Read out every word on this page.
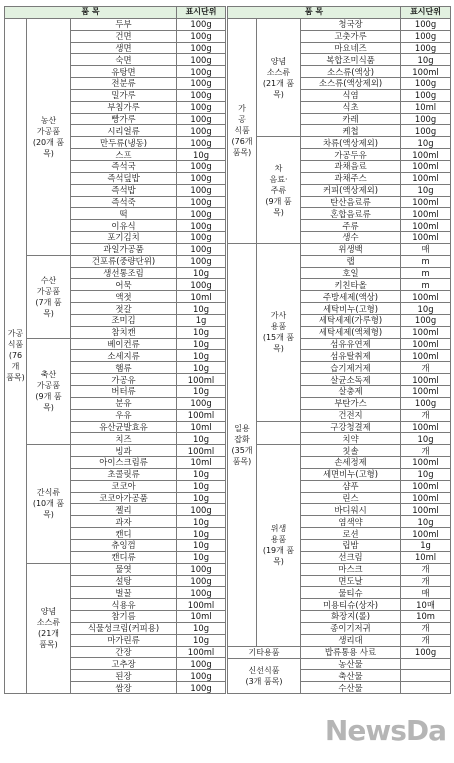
품 목			표시단위
가공
식품
(76개
품목)	농산
가공품
(20개 품
목)	두부	100g
		건면	100g
		생면	100g
		숙면	100g
		유탕면	100g
		전분류	100g
		밀가루	100g
		부침가루	100g
		빵가루	100g
		시리얼류	100g
		만두류(냉동)	100g
		스프	10g
		즉석국	100g
		즉석덮밥	100g
		즉석밥	100g
		즉석죽	100g
		떡	100g
		이유식	100g
		포기김치	100g
		과일가공품	100g
	수산
가공품
(7개 품
목)	건포류(중량단위)	100g
		생선통조림	10g
		어묵	100g
		액젓	10ml
		젓갈	10g
		조미김	1g
		참치캔	10g
	축산
가공품
(9개 품
목)	베이컨류	10g
		소세지류	10g
		햄류	10g
		가공유	100ml
		버터류	10g
		분유	100g
		우유	100ml
		유산균발효유	10ml
		치즈	10g
	간식류
(10개 품
목)	빙과	100ml
		아이스크림류	10ml
		초콜릿류	10g
		코코아	10g
		코코아가공품	10g
		젤리	100g
		과자	10g
		캔디	10g
		츄잉껌	10g
		캔디류	10g
	양념
소스류
(21개
품목)	물엿	100g
		설탕	100g
		벌꿀	100g
		식용유	100ml
		참기름	10ml
		식물성크림(커피용)	10g
		마가린류	10g
		간장	100ml
		고추장	100g
		된장	100g
		쌈장	100g
품 목			표시단위
가
공
식품
(76개
품목)	양념
소스류
(21개 품
목)	청국장	100g
		고춧가루	100g
		마요네즈	100g
		복합조미식품	10g
		소스류(액상)	100ml
		소스류(액상제외)	100g
		식염	100g
		식초	10ml
		카레	100g
		케첩	100g
	차
음료·
주류
(9개 품
목)	차류(액상제외)	10g
		가공두유	100ml
		과채음료	100ml
		과채주스	100ml
		커피(액상제외)	10g
		탄산음료류	100ml
		혼합음료류	100ml
		주류	100ml
		생수	100ml
일용
잡화
(35개
품목)	가사
용품
(15개 품
목)	위생백	매
		랩	m
		호일	m
		키친타올	m
		주방세제(액상)	100ml
		세탁비누(고형)	10g
		세탁세제(가루형)	100g
		세탁세제(액체형)	100ml
		섬유유연제	100ml
		섬유탈취제	100ml
		습기제거제	개
		살균소독제	100ml
		살충제	100ml
		부탄가스	100g
		건전지	개
		구강청결제	100ml
		치약	10g
	위생
용품
(19개 품
목)	칫솔	개
		손세정제	100ml
		세면비누(고형)	10g
		샴푸	100ml
		린스	100ml
		바디워시	100ml
		염색약	10g
		로션	100ml
		립밤	1g
		선크림	10ml
		마스크	개
		면도날	개
		물티슈	매
		미용티슈(상자)	10매
		화장지(롤)	10m
		종이기저귀	개
		생리대	개
기타용품		밥류통용 사료	100g
신선식품
(3개 품목)		농산물	
		축산물	
		수산물	
NewsDa
